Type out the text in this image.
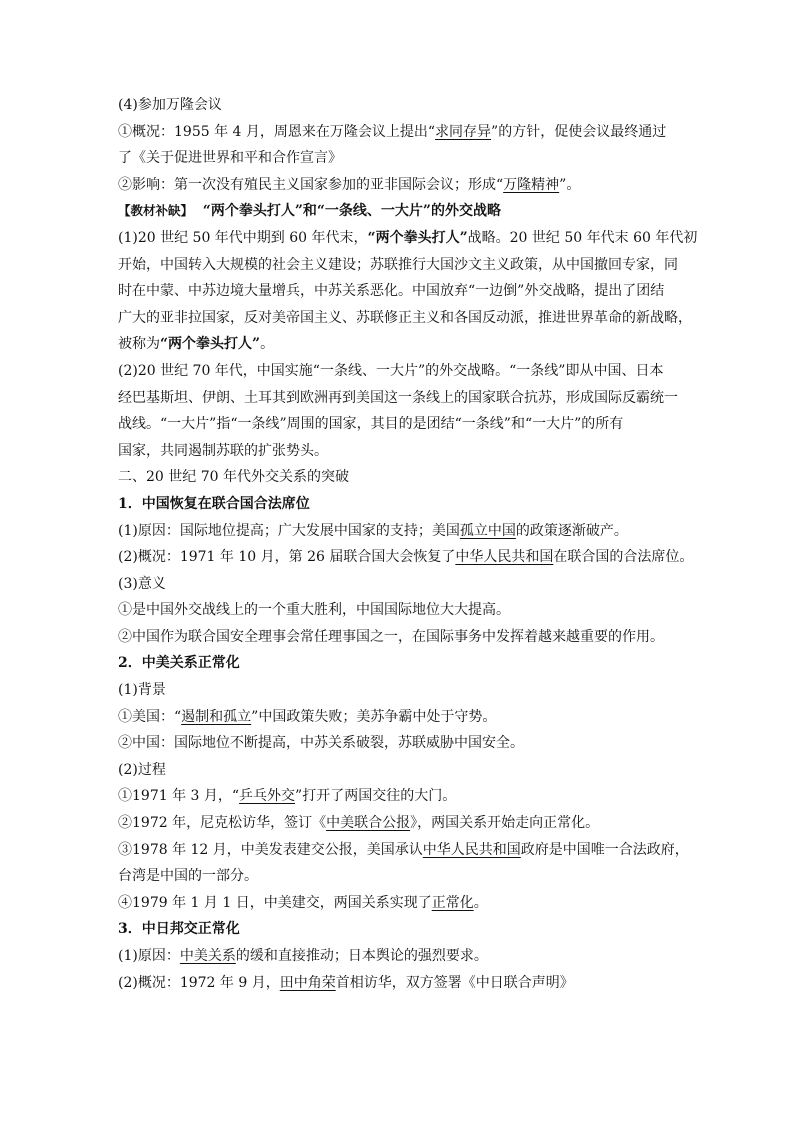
(4)参加万隆会议
①概况：1955 年 4 月，周恩来在万隆会议上提出“求同存异”的方针，促使会议最终通过
了《关于促进世界和平和合作宣言》
②影响：第一次没有殖民主义国家参加的亚非国际会议；形成“万隆精神”。
【教材补缺】 “两个拳头打人”和“一条线、一大片”的外交战略
(1)20 世纪 50 年代中期到 60 年代末，“两个拳头打人”战略。20 世纪 50 年代末 60 年代初
开始，中国转入大规模的社会主义建设；苏联推行大国沙文主义政策，从中国撤回专家，同
时在中蒙、中苏边境大量增兵，中苏关系恶化。中国放弃“一边倒”外交战略，提出了团结
广大的亚非拉国家，反对美帝国主义、苏联修正主义和各国反动派，推进世界革命的新战略，
被称为“两个拳头打人”。
(2)20 世纪 70 年代，中国实施“一条线、一大片”的外交战略。“一条线”即从中国、日本
经巴基斯坦、伊朗、土耳其到欧洲再到美国这一条线上的国家联合抗苏，形成国际反霸统一
战线。“一大片”指“一条线”周围的国家，其目的是团结“一条线”和“一大片”的所有
国家，共同遏制苏联的扩张势头。
二、20 世纪 70 年代外交关系的突破
1．中国恢复在联合国合法席位
(1)原因：国际地位提高；广大发展中国家的支持；美国孤立中国的政策逐渐破产。
(2)概况：1971 年 10 月，第 26 届联合国大会恢复了中华人民共和国在联合国的合法席位。
(3)意义
①是中国外交战线上的一个重大胜利，中国国际地位大大提高。
②中国作为联合国安全理事会常任理事国之一，在国际事务中发挥着越来越重要的作用。
2．中美关系正常化
(1)背景
①美国：“遏制和孤立”中国政策失败；美苏争霸中处于守势。
②中国：国际地位不断提高，中苏关系破裂，苏联威胁中国安全。
(2)过程
①1971 年 3 月，“乒乓外交”打开了两国交往的大门。
②1972 年，尼克松访华，签订《中美联合公报》，两国关系开始走向正常化。
③1978 年 12 月，中美发表建交公报，美国承认中华人民共和国政府是中国唯一合法政府，
台湾是中国的一部分。
④1979 年 1 月 1 日，中美建交，两国关系实现了正常化。
3．中日邦交正常化
(1)原因：中美关系的缓和直接推动；日本舆论的强烈要求。
(2)概况：1972 年 9 月，田中角荣首相访华，双方签署《中日联合声明》
